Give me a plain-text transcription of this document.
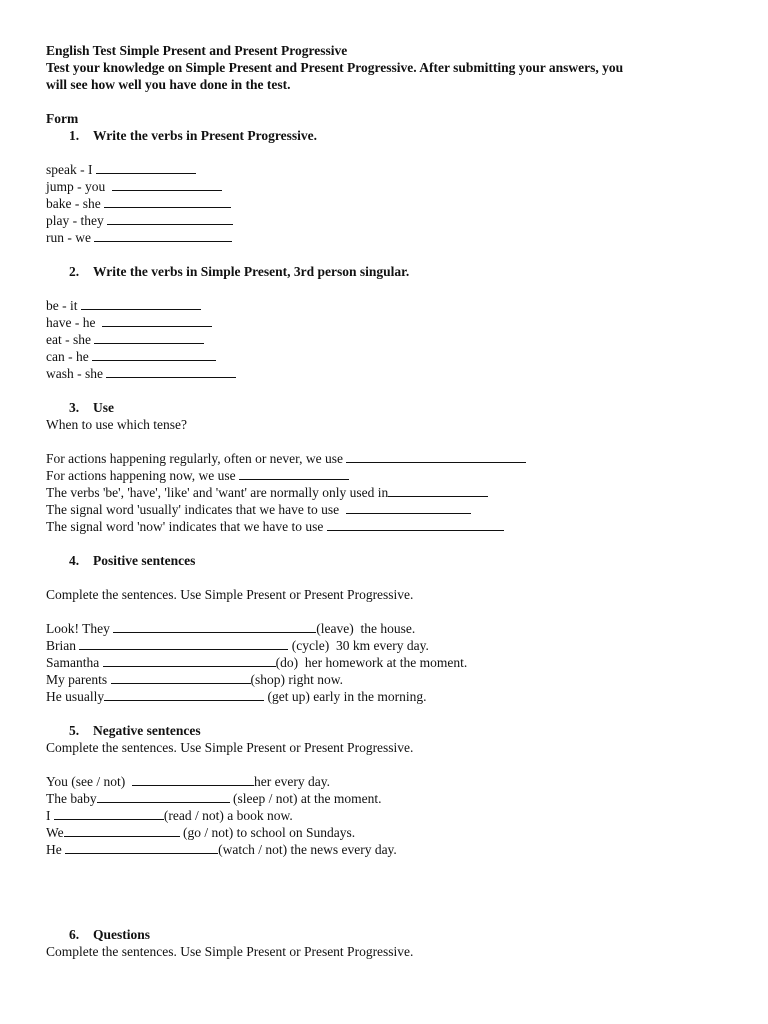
English Test Simple Present and Present Progressive
Test your knowledge on Simple Present and Present Progressive. After submitting your answers, you
will see how well you have done in the test.
Form
1. Write the verbs in Present Progressive.
speak - I
jump - you
bake - she
play - they
run - we
2. Write the verbs in Simple Present, 3rd person singular.
be - it
have - he
eat - she
can - he
wash - she
3. Use
When to use which tense?
For actions happening regularly, often or never, we use
For actions happening now, we use
The verbs 'be', 'have', 'like' and 'want' are normally only used in
The signal word 'usually' indicates that we have to use
The signal word 'now' indicates that we have to use
4. Positive sentences
Complete the sentences. Use Simple Present or Present Progressive.
Look! They	(leave)  the house.
Brian	(cycle)  30 km every day.
Samantha	(do)  her homework at the moment.
My parents	(shop) right now.
He usually	(get up) early in the morning.
5. Negative sentences
Complete the sentences. Use Simple Present or Present Progressive.
You (see / not)	her every day.
The baby	(sleep / not) at the moment.
I	(read / not) a book now.
We	(go / not) to school on Sundays.
He	(watch / not) the news every day.
6. Questions
Complete the sentences. Use Simple Present or Present Progressive.
